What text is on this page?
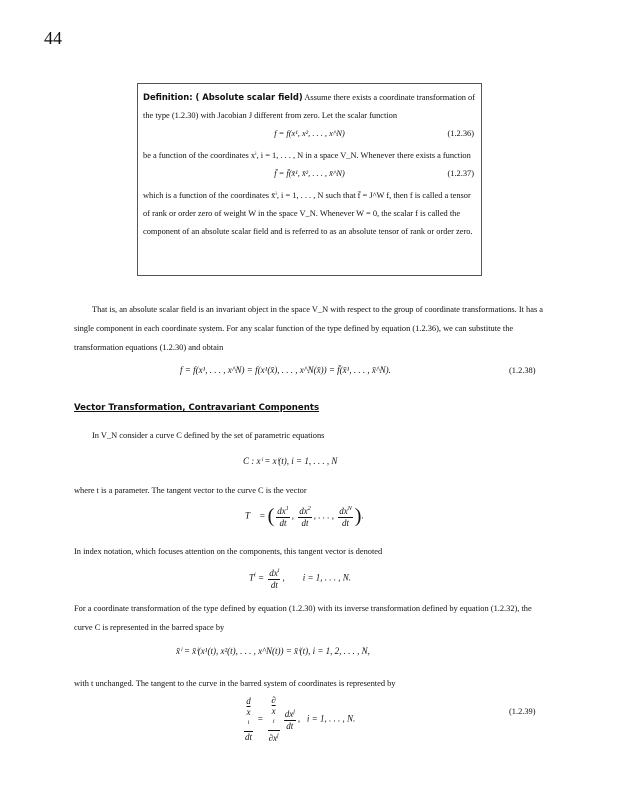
44
Definition: ( Absolute scalar field) Assume there exists a coordinate transformation of the type (1.2.30) with Jacobian J different from zero. Let the scalar function
f = f(x¹, x², . . . , x^N)	(1.2.36)
be a function of the coordinates xⁱ, i = 1, . . . , N in a space V_N. Whenever there exists a function
f̄ = f̄(x̄¹, x̄², . . . , x̄^N)	(1.2.37)
which is a function of the coordinates x̄ⁱ, i = 1, . . . , N such that f̄ = J^W f, then f is called a tensor of rank or order zero of weight W in the space V_N. Whenever W = 0, the scalar f is called the component of an absolute scalar field and is referred to as an absolute tensor of rank or order zero.
That is, an absolute scalar field is an invariant object in the space V_N with respect to the group of coordinate transformations. It has a single component in each coordinate system. For any scalar function of the type defined by equation (1.2.36), we can substitute the transformation equations (1.2.30) and obtain
f = f(x¹, . . . , x^N) = f(x¹(x̄), . . . , x^N(x̄)) = f̄(x̄¹, . . . , x̄^N).	(1.2.38)
Vector Transformation, Contravariant Components
In V_N consider a curve C defined by the set of parametric equations
C : xⁱ = xⁱ(t), i = 1, . . . , N
where t is a parameter. The tangent vector to the curve C is the vector
T⃗ = ( $\frac{dx^1}{dt}$ , $\frac{dx^2}{dt}$ , . . . , $\frac{dx^N}{dt}$ ).
In index notation, which focuses attention on the components, this tangent vector is denoted
$T^i = \frac{dx^i}{dt}$ ,        i = 1, . . . , N.
For a coordinate transformation of the type defined by equation (1.2.30) with its inverse transformation defined by equation (1.2.32), the curve C is represented in the barred space by
x̄ⁱ = x̄ⁱ(x¹(t), x²(t), . . . , x^N(t)) = x̄ⁱ(t), i = 1, 2, . . . , N,
with t unchanged. The tangent to the curve in the barred system of coordinates is represented by
d
$\overline{x}$
$^i$
dt = ∂
$\overline{x}$
$^i$
$\partial x^j \frac{dx^j}{dt}$ ,   i = 1, . . . , N.
(1.2.39)
